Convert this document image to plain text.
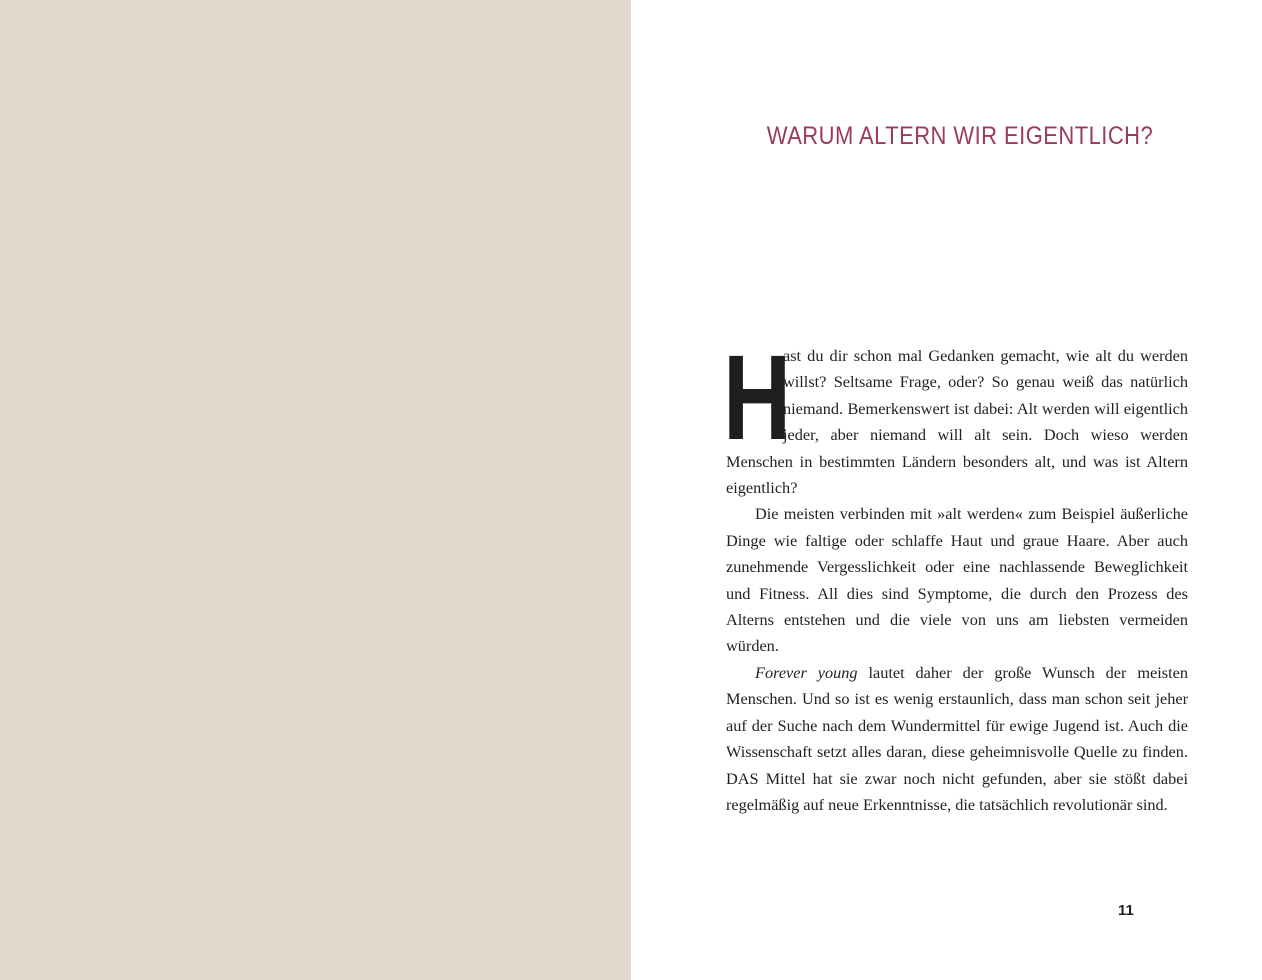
WARUM ALTERN WIR EIGENTLICH?

H
ast du dir schon mal Gedanken gemacht, wie alt du werden willst? Seltsame Frage, oder? So genau weiß das natürlich niemand. Bemerkenswert ist dabei: Alt werden will eigentlich jeder, aber niemand will alt sein. Doch wieso werden Menschen in bestimmten Ländern besonders alt, und was ist Altern eigentlich?

Die meisten verbinden mit »alt werden« zum Beispiel äußerliche Dinge wie faltige oder schlaffe Haut und graue Haare. Aber auch zunehmende Vergesslichkeit oder eine nachlassende Beweglichkeit und Fitness. All dies sind Symptome, die durch den Prozess des Alterns entstehen und die viele von uns am liebsten vermeiden würden.

Forever young lautet daher der große Wunsch der meisten Menschen. Und so ist es wenig erstaunlich, dass man schon seit jeher auf der Suche nach dem Wundermittel für ewige Jugend ist. Auch die Wissenschaft setzt alles daran, diese geheimnisvolle Quelle zu finden. DAS Mittel hat sie zwar noch nicht gefunden, aber sie stößt dabei regelmäßig auf neue Erkenntnisse, die tatsächlich revolutionär sind.

11
